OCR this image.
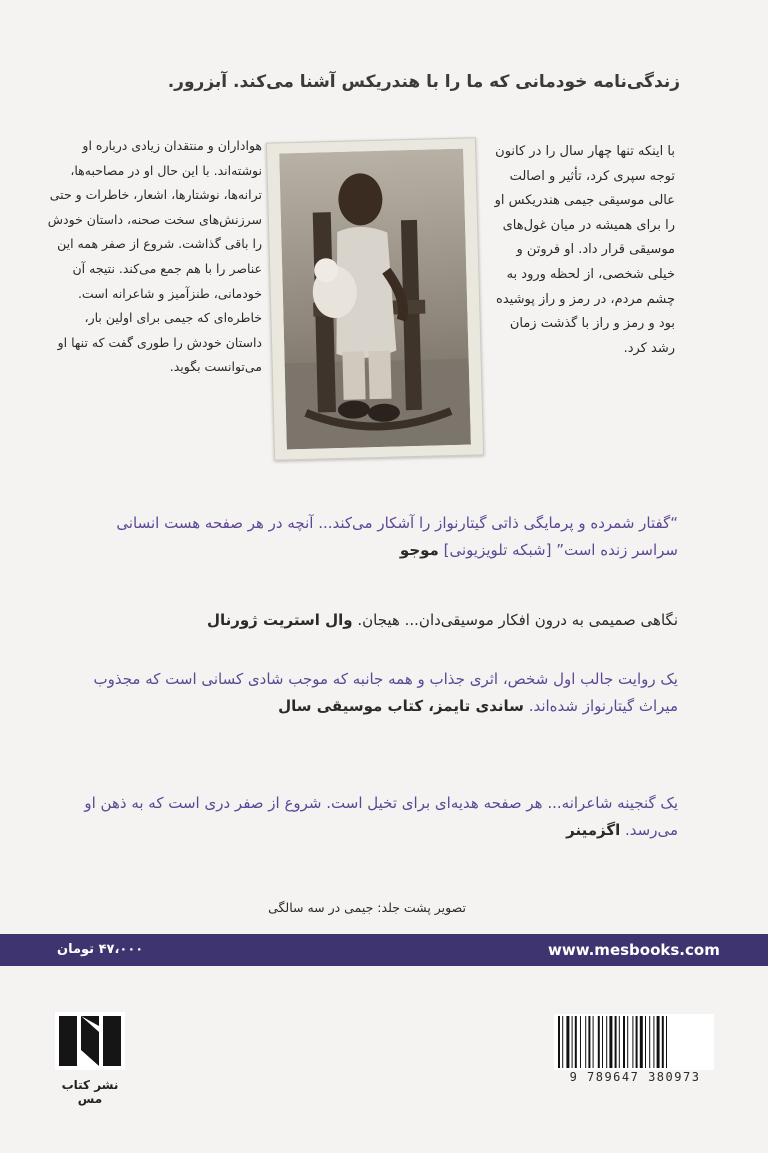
زندگی‌نامه خودمانی که ما را با هندریکس آشنا می‌کند. آبزرور.
با اینکه تنها چهار سال را در کانون توجه سپری کرد، تأثیر و اصالت عالی موسیقی جیمی هندریکس او را برای همیشه در میان غول‌های موسیقی قرار داد. او فروتن و خیلی شخصی، از لحظه ورود به چشم مردم، در رمز و راز پوشیده بود و رمز و راز با گذشت زمان رشد کرد.
هواداران و منتقدان زیادی درباره او نوشته‌اند. با این حال او در مصاحبه‌ها، ترانه‌ها، نوشتارها، اشعار، خاطرات و حتی سرزنش‌های سخت صحنه، داستان خودش را باقی گذاشت. شروع از صفر همه این عناصر را با هم جمع می‌کند. نتیجه آن خودمانی، طنزآمیز و شاعرانه است. خاطره‌ای که جیمی برای اولین بار، داستان خودش را طوری گفت که تنها او می‌توانست بگوید.
“گفتار شمرده و پرمایگی ذاتی گیتارنواز را آشکار می‌کند... آنچه در هر صفحه هست انسانی سراسر زنده است” [شبکه تلویزیونی] موجو
نگاهی صمیمی به درون افکار موسیقی‌دان... هیجان. وال استریت ژورنال
یک روایت جالب اول شخص، اثری جذاب و همه جانبه که موجب شادی کسانی است که مجذوب میراث گیتارنواز شده‌اند. ساندی تایمز، کتاب موسیقی سال
یک گنجینه شاعرانه... هر صفحه هدیه‌ای برای تخیل است. شروع از صفر دری است که به ذهن او می‌رسد. اگزمینر
تصویر پشت جلد: جیمی در سه سالگی
www.mesbooks.com
۴۷،۰۰۰ تومان
نشر کتاب مس
9 789647 380973
